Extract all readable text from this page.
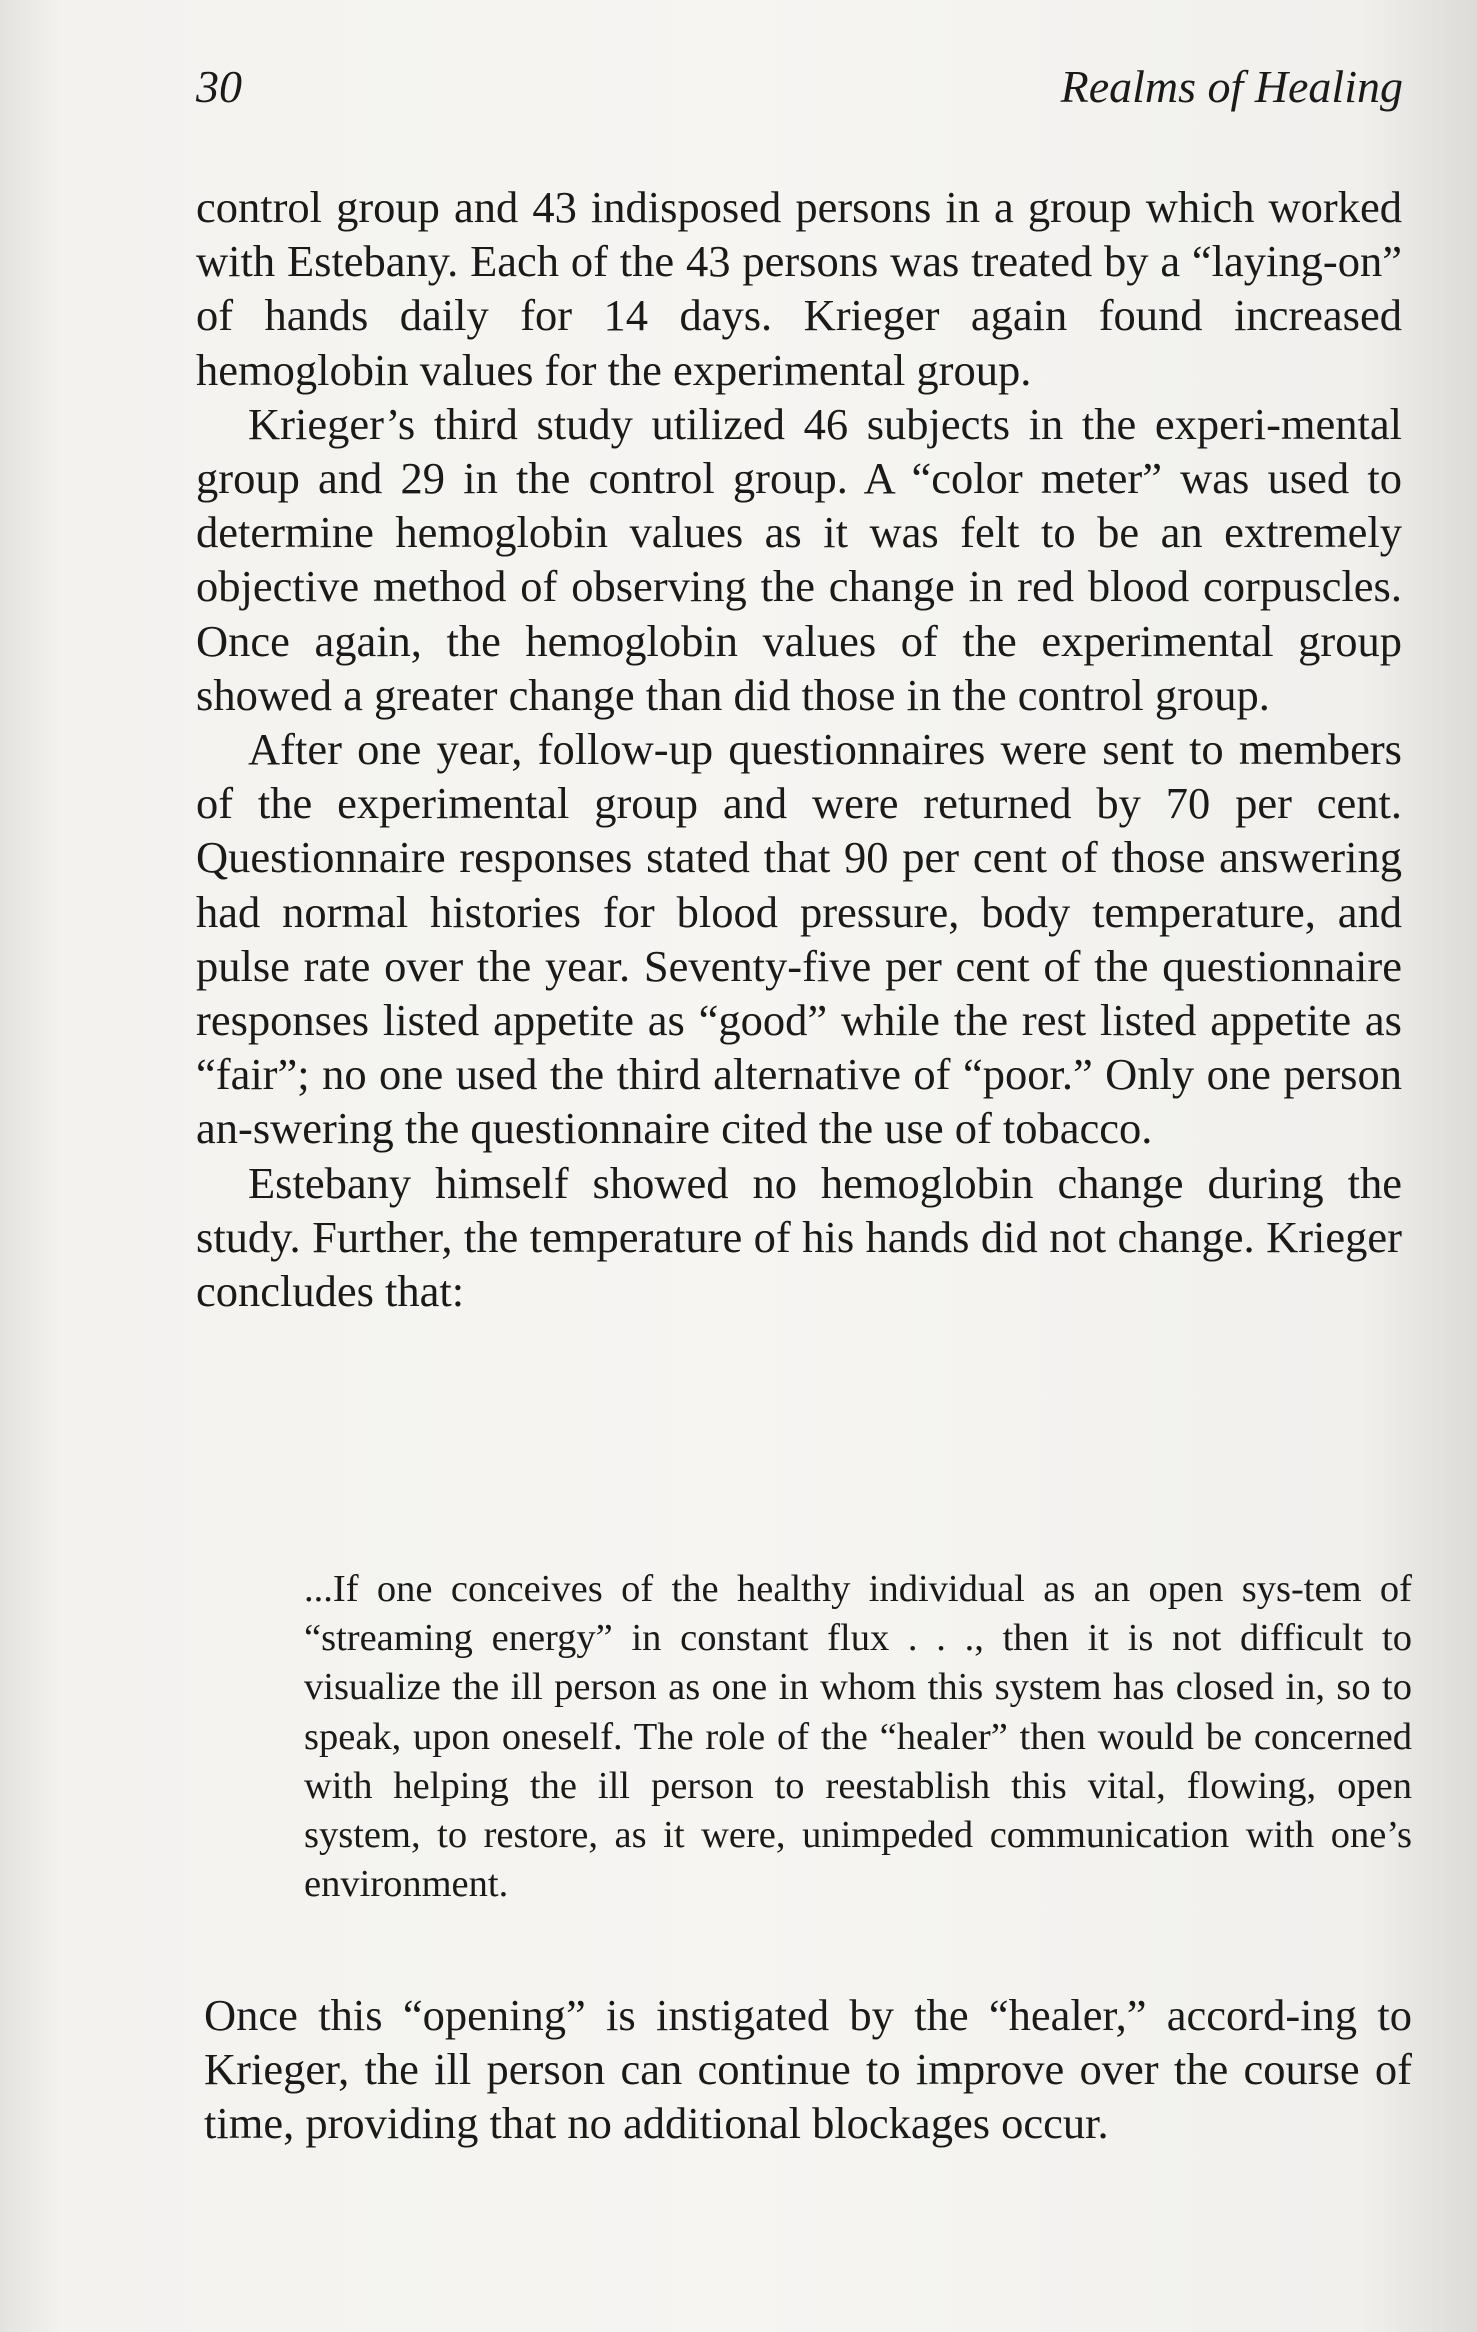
30	Realms of Healing

control group and 43 indisposed persons in a group which worked with Estebany. Each of the 43 persons was treated by a “laying-on” of hands daily for 14 days. Krieger again found increased hemoglobin values for the experimental group.

Krieger’s third study utilized 46 subjects in the experi-mental group and 29 in the control group. A “color meter” was used to determine hemoglobin values as it was felt to be an extremely objective method of observing the change in red blood corpuscles. Once again, the hemoglobin values of the experimental group showed a greater change than did those in the control group.

After one year, follow-up questionnaires were sent to members of the experimental group and were returned by 70 per cent. Questionnaire responses stated that 90 per cent of those answering had normal histories for blood pressure, body temperature, and pulse rate over the year. Seventy-five per cent of the questionnaire responses listed appetite as “good” while the rest listed appetite as “fair”; no one used the third alternative of “poor.” Only one person an-swering the questionnaire cited the use of tobacco.

Estebany himself showed no hemoglobin change during the study. Further, the temperature of his hands did not change. Krieger concludes that:

...If one conceives of the healthy individual as an open sys-tem of “streaming energy” in constant flux . . ., then it is not difficult to visualize the ill person as one in whom this system has closed in, so to speak, upon oneself. The role of the “healer” then would be concerned with helping the ill person to reestablish this vital, flowing, open system, to restore, as it were, unimpeded communication with one’s environment.

Once this “opening” is instigated by the “healer,” accord-ing to Krieger, the ill person can continue to improve over the course of time, providing that no additional blockages occur.
